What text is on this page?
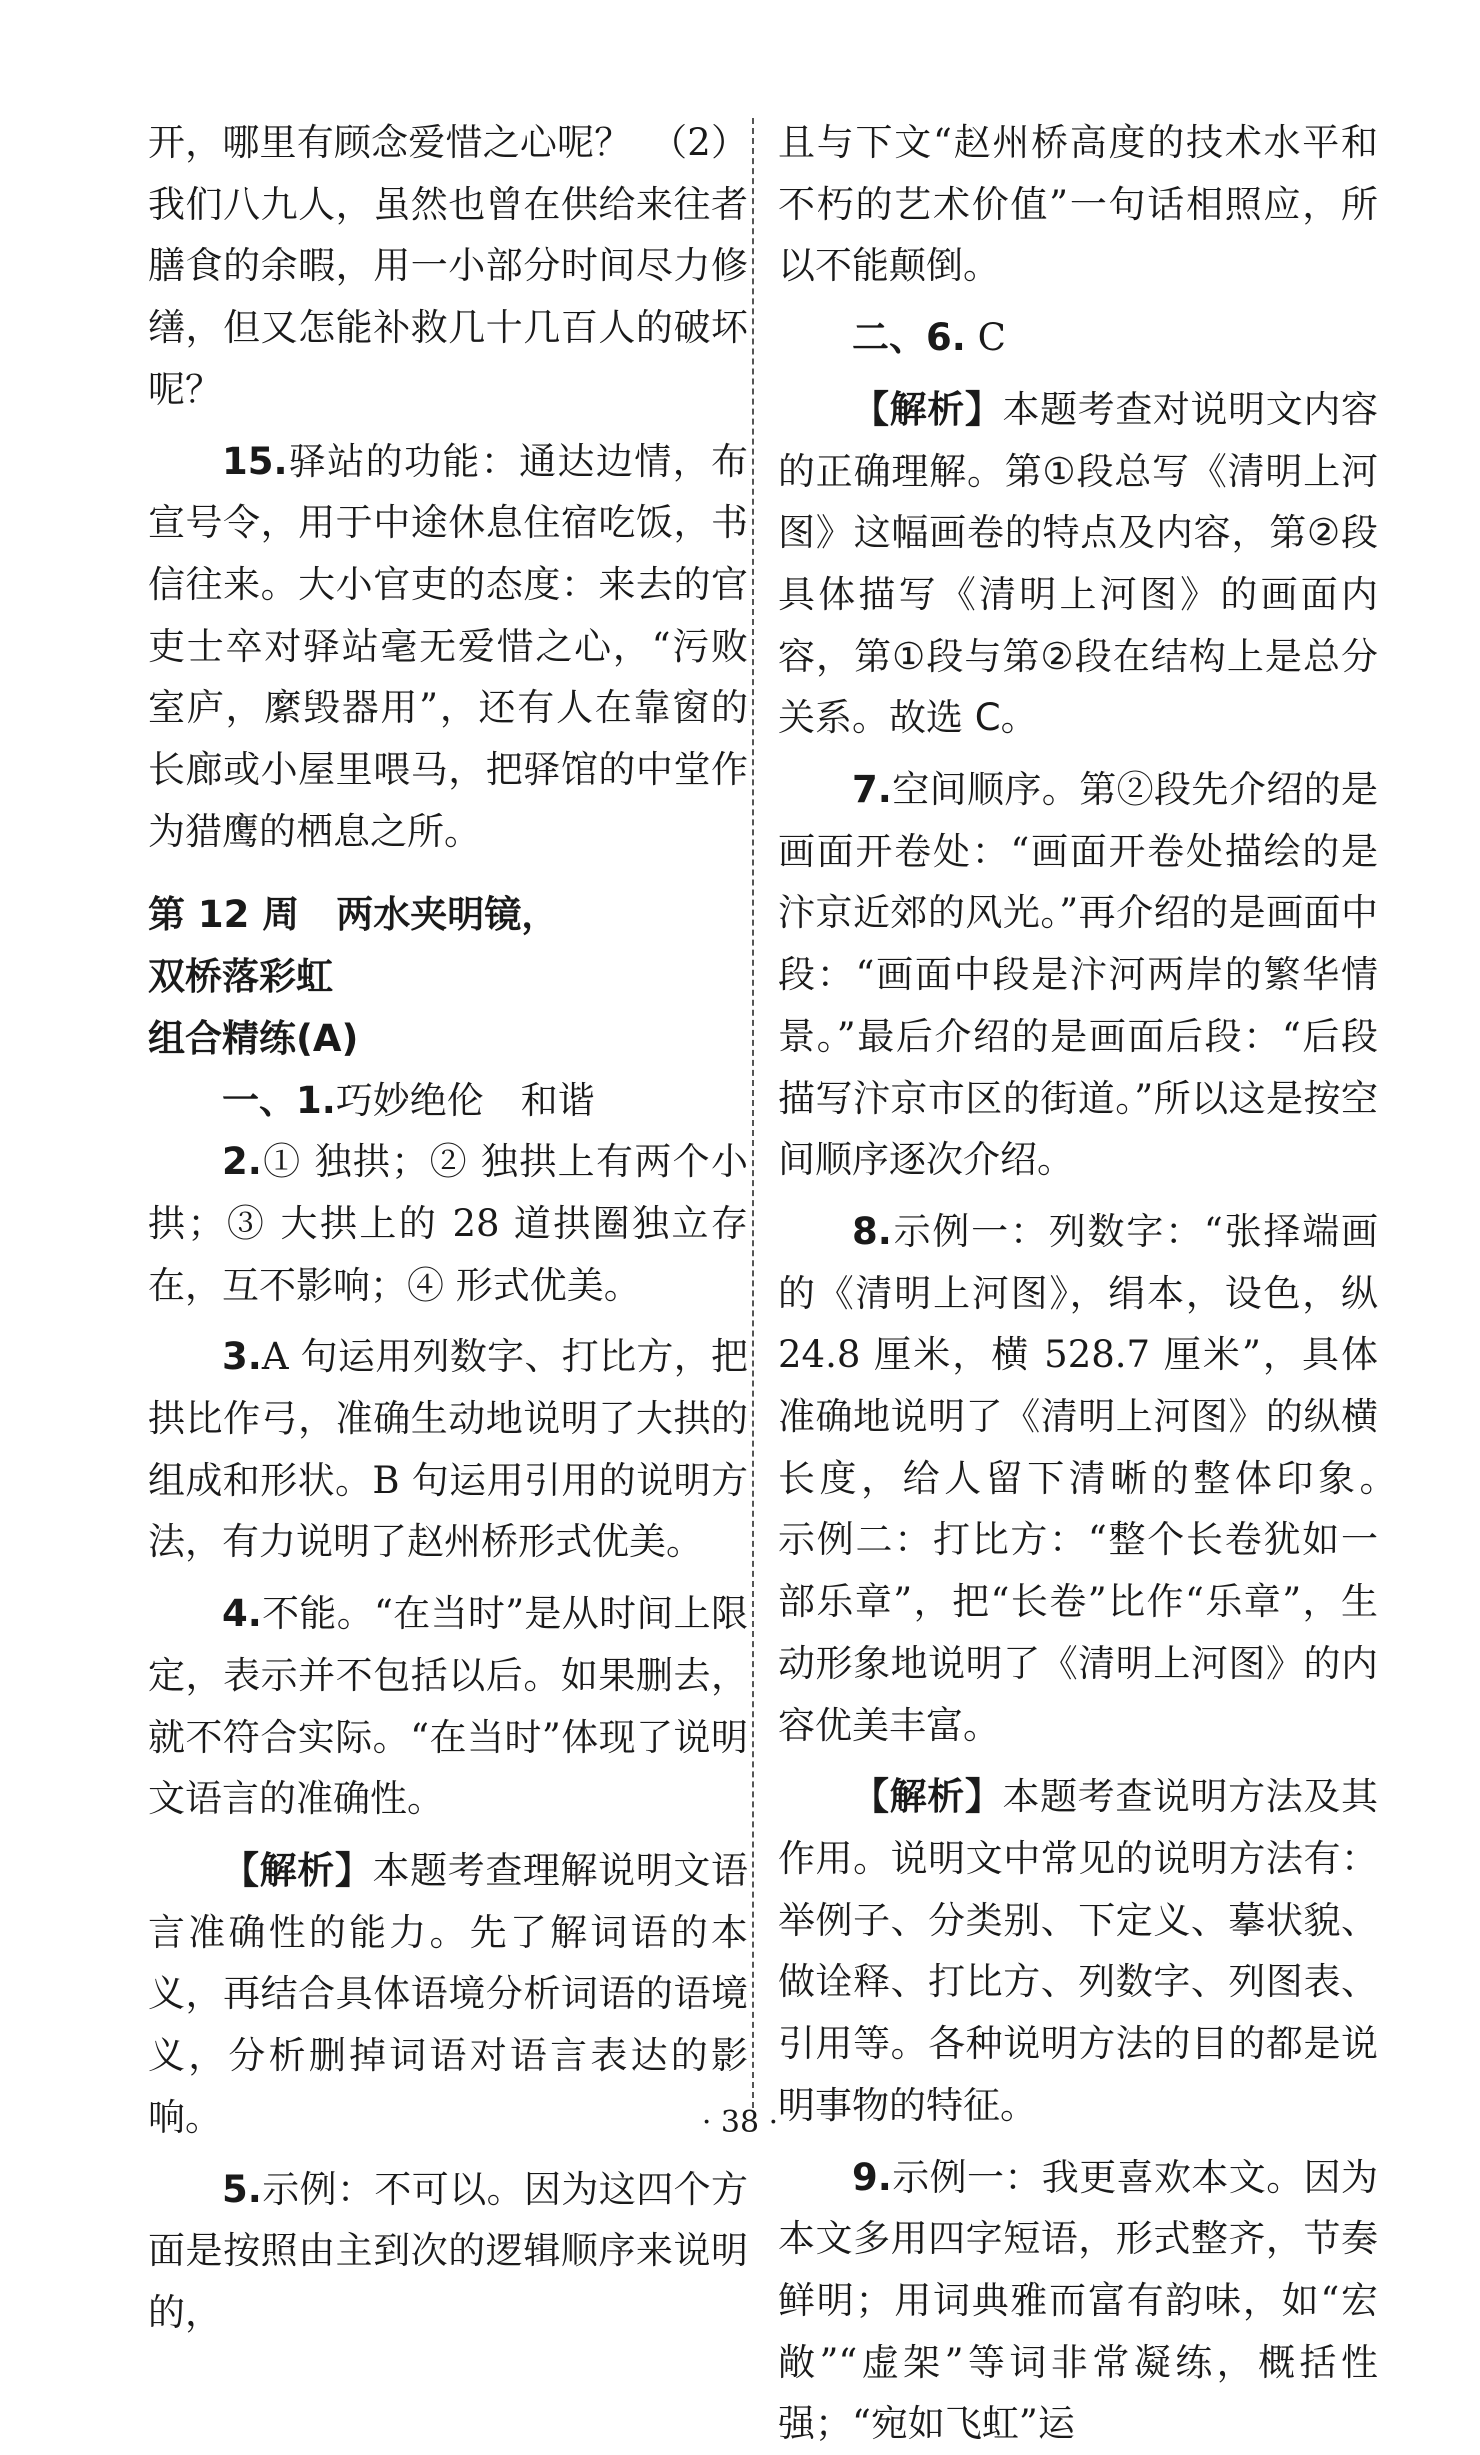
开，哪里有顾念爱惜之心呢？　（2）我们八九人，虽然也曾在供给来往者膳食的余暇，用一小部分时间尽力修缮，但又怎能补救几十几百人的破坏呢？

15.驿站的功能：通达边情，布宣号令，用于中途休息住宿吃饭，书信往来。大小官吏的态度：来去的官吏士卒对驿站毫无爱惜之心，“污败室庐，縻毁器用”，还有人在靠窗的长廊或小屋里喂马，把驿馆的中堂作为猎鹰的栖息之所。

第 12 周　两水夹明镜，

双桥落彩虹

组合精练(A)

一、1.巧妙绝伦　和谐

2.① 独拱；② 独拱上有两个小拱；③ 大拱上的 28 道拱圈独立存在，互不影响；④ 形式优美。

3.A 句运用列数字、打比方，把拱比作弓，准确生动地说明了大拱的组成和形状。B 句运用引用的说明方法，有力说明了赵州桥形式优美。

4.不能。“在当时”是从时间上限定，表示并不包括以后。如果删去，就不符合实际。“在当时”体现了说明文语言的准确性。

【解析】本题考查理解说明文语言准确性的能力。先了解词语的本义，再结合具体语境分析词语的语境义，分析删掉词语对语言表达的影响。

5.示例：不可以。因为这四个方面是按照由主到次的逻辑顺序来说明的，

且与下文“赵州桥高度的技术水平和不朽的艺术价值”一句话相照应，所以不能颠倒。

二、6. C

【解析】本题考查对说明文内容的正确理解。第①段总写《清明上河图》这幅画卷的特点及内容，第②段具体描写《清明上河图》的画面内容，第①段与第②段在结构上是总分关系。故选 C。

7.空间顺序。第②段先介绍的是画面开卷处：“画面开卷处描绘的是汴京近郊的风光。”再介绍的是画面中段：“画面中段是汴河两岸的繁华情景。”最后介绍的是画面后段：“后段描写汴京市区的街道。”所以这是按空间顺序逐次介绍。

8.示例一：列数字：“张择端画的《清明上河图》，绢本，设色，纵 24.8 厘米，横 528.7 厘米”，具体准确地说明了《清明上河图》的纵横长度，给人留下清晰的整体印象。　示例二：打比方：“整个长卷犹如一部乐章”，把“长卷”比作“乐章”，生动形象地说明了《清明上河图》的内容优美丰富。

【解析】本题考查说明方法及其作用。说明文中常见的说明方法有：举例子、分类别、下定义、摹状貌、做诠释、打比方、列数字、列图表、引用等。各种说明方法的目的都是说明事物的特征。

9.示例一：我更喜欢本文。因为本文多用四字短语，形式整齐，节奏鲜明；用词典雅而富有韵味，如“宏敞”“虚架”等词非常凝练，概括性强；“宛如飞虹”运

· 38 ·
